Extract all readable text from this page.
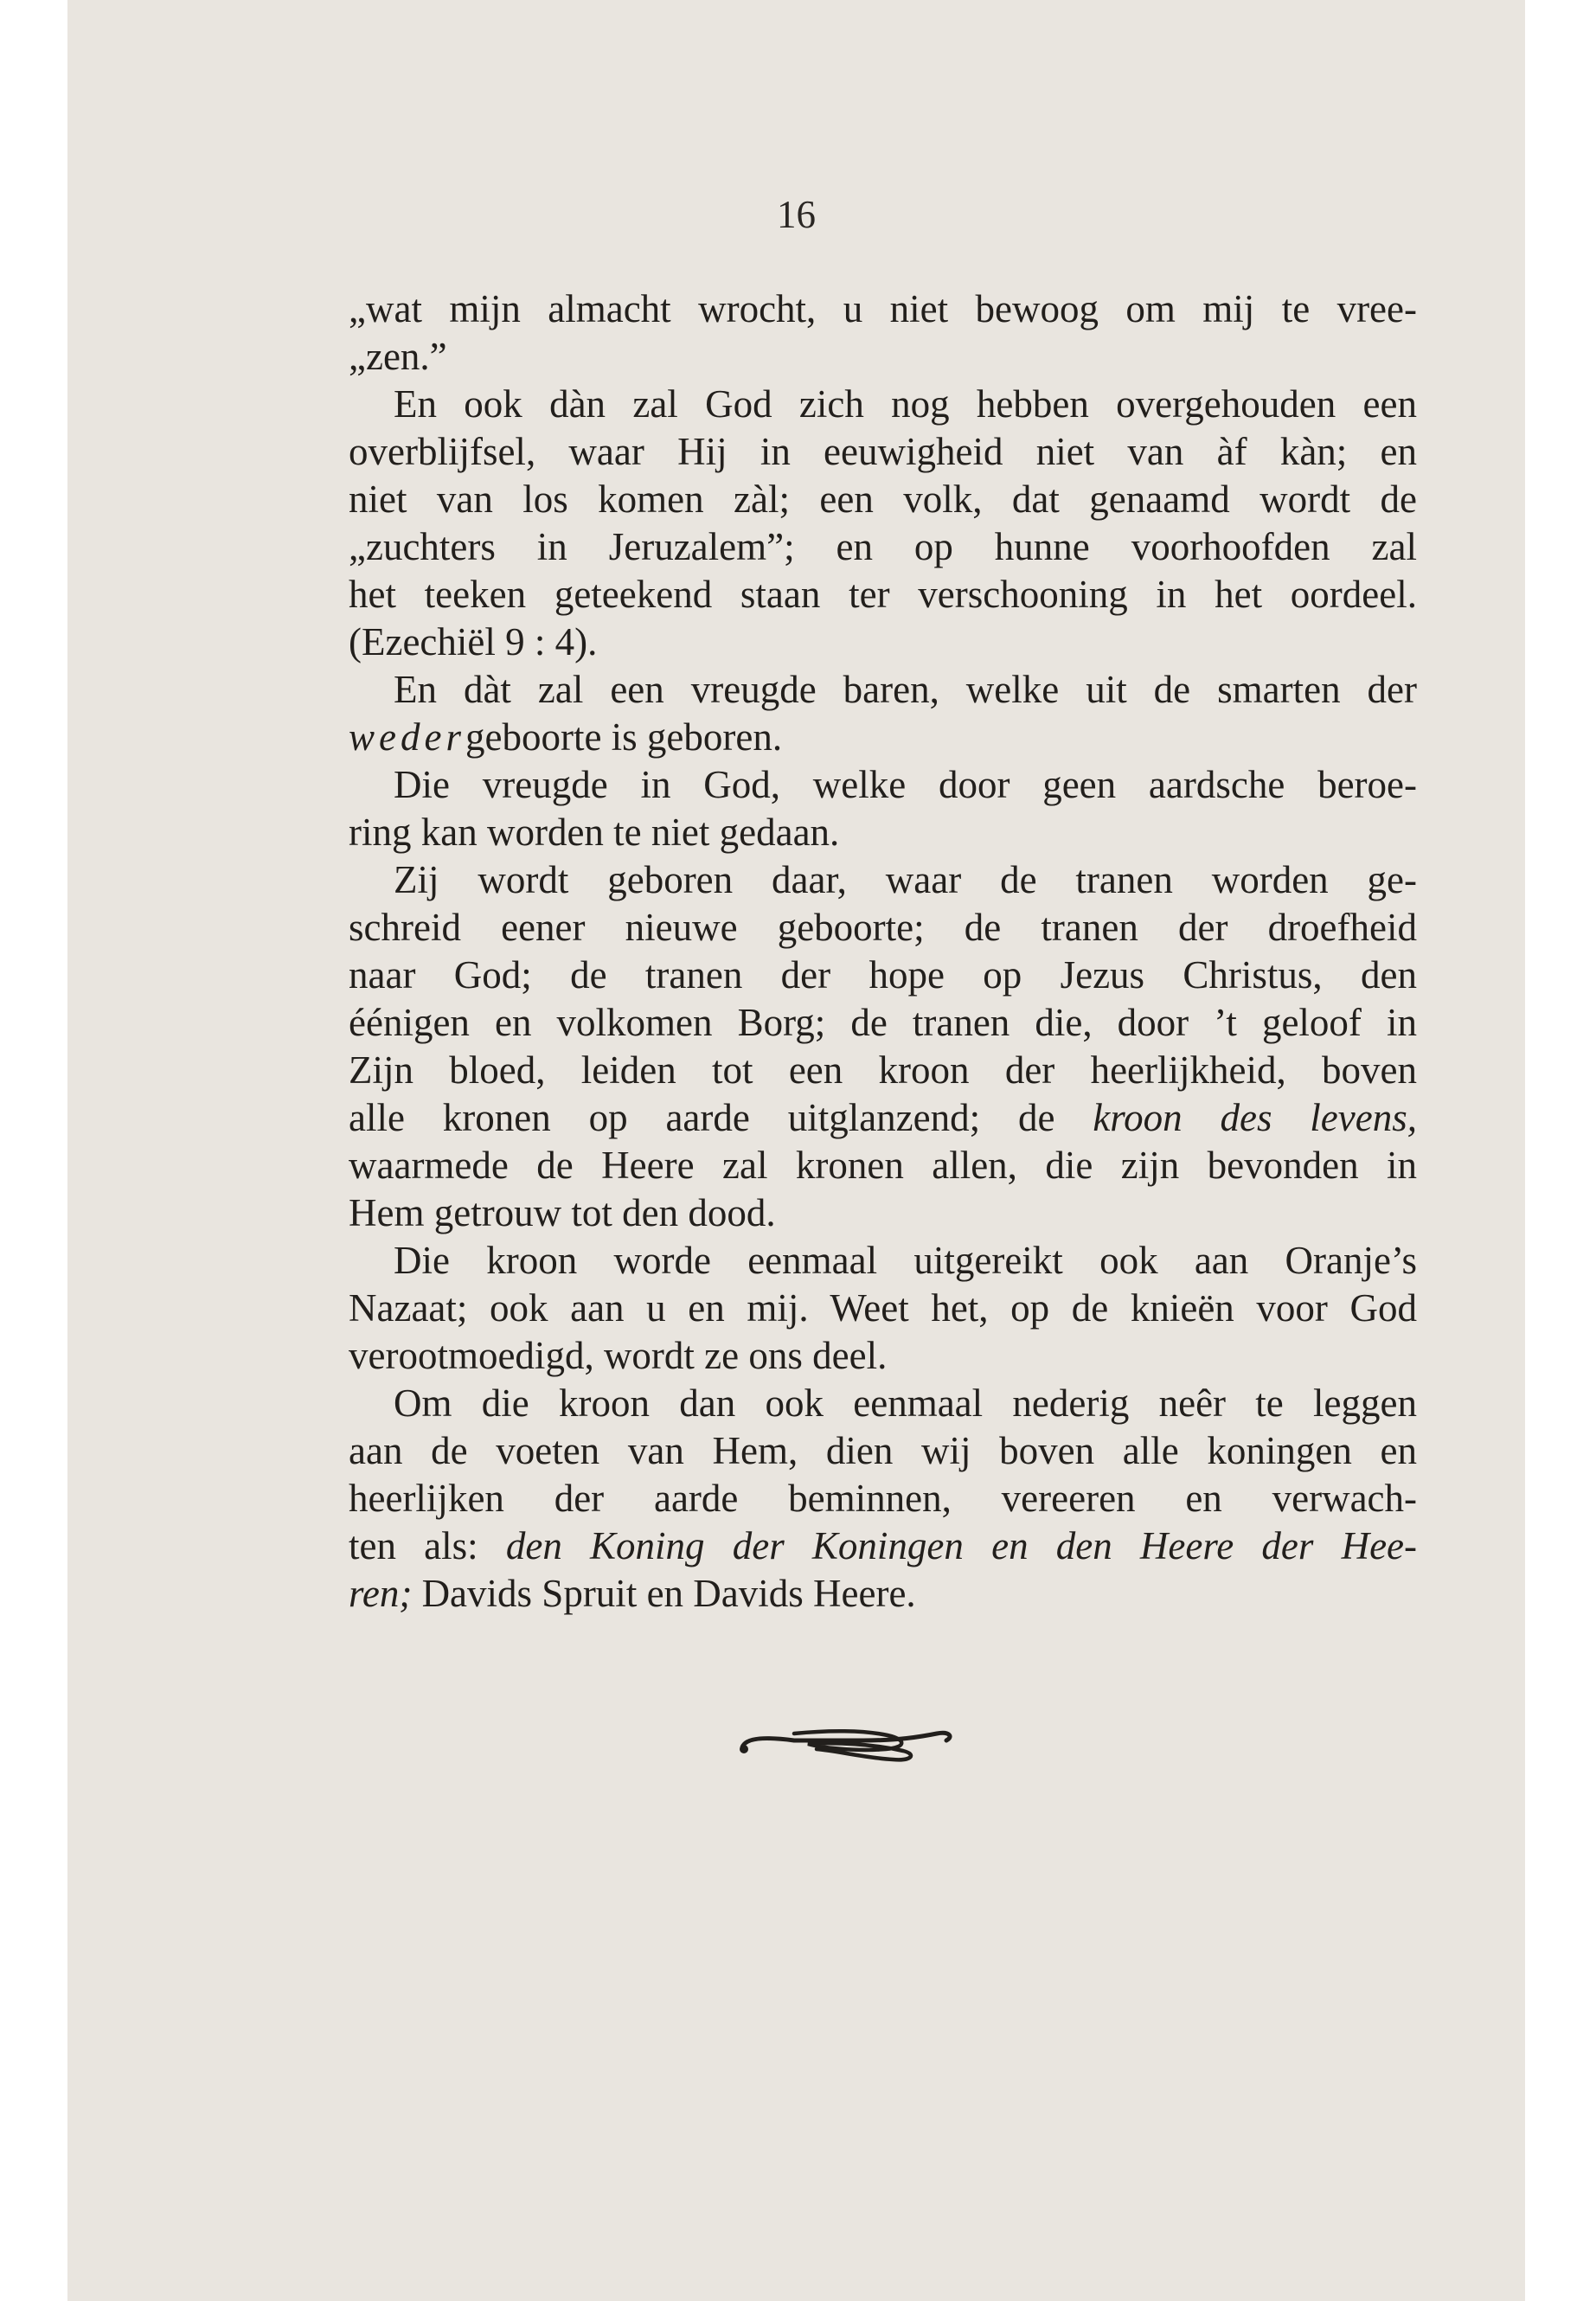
16
„wat mijn almacht wrocht, u niet bewoog om mij te vree-
„zen.”
En ook dàn zal God zich nog hebben overgehouden een
overblijfsel, waar Hij in eeuwigheid niet van àf kàn; en
niet van los komen zàl; een volk, dat genaamd wordt de
„zuchters in Jeruzalem”; en op hunne voorhoofden zal
het teeken geteekend staan ter verschooning in het oordeel.
(Ezechiël 9 : 4).
En dàt zal een vreugde baren, welke uit de smarten der
wedergeboorte is geboren.
Die vreugde in God, welke door geen aardsche beroe-
ring kan worden te niet gedaan.
Zij wordt geboren daar, waar de tranen worden ge-
schreid eener nieuwe geboorte; de tranen der droefheid
naar God; de tranen der hope op Jezus Christus, den
éénigen en volkomen Borg; de tranen die, door ’t geloof in
Zijn bloed, leiden tot een kroon der heerlijkheid, boven
alle kronen op aarde uitglanzend; de kroon des levens,
waarmede de Heere zal kronen allen, die zijn bevonden in
Hem getrouw tot den dood.
Die kroon worde eenmaal uitgereikt ook aan Oranje’s
Nazaat; ook aan u en mij. Weet het, op de knieën voor God
verootmoedigd, wordt ze ons deel.
Om die kroon dan ook eenmaal nederig neêr te leggen
aan de voeten van Hem, dien wij boven alle koningen en
heerlijken der aarde beminnen, vereeren en verwach-
ten als: den Koning der Koningen en den Heere der Hee-
ren; Davids Spruit en Davids Heere.
